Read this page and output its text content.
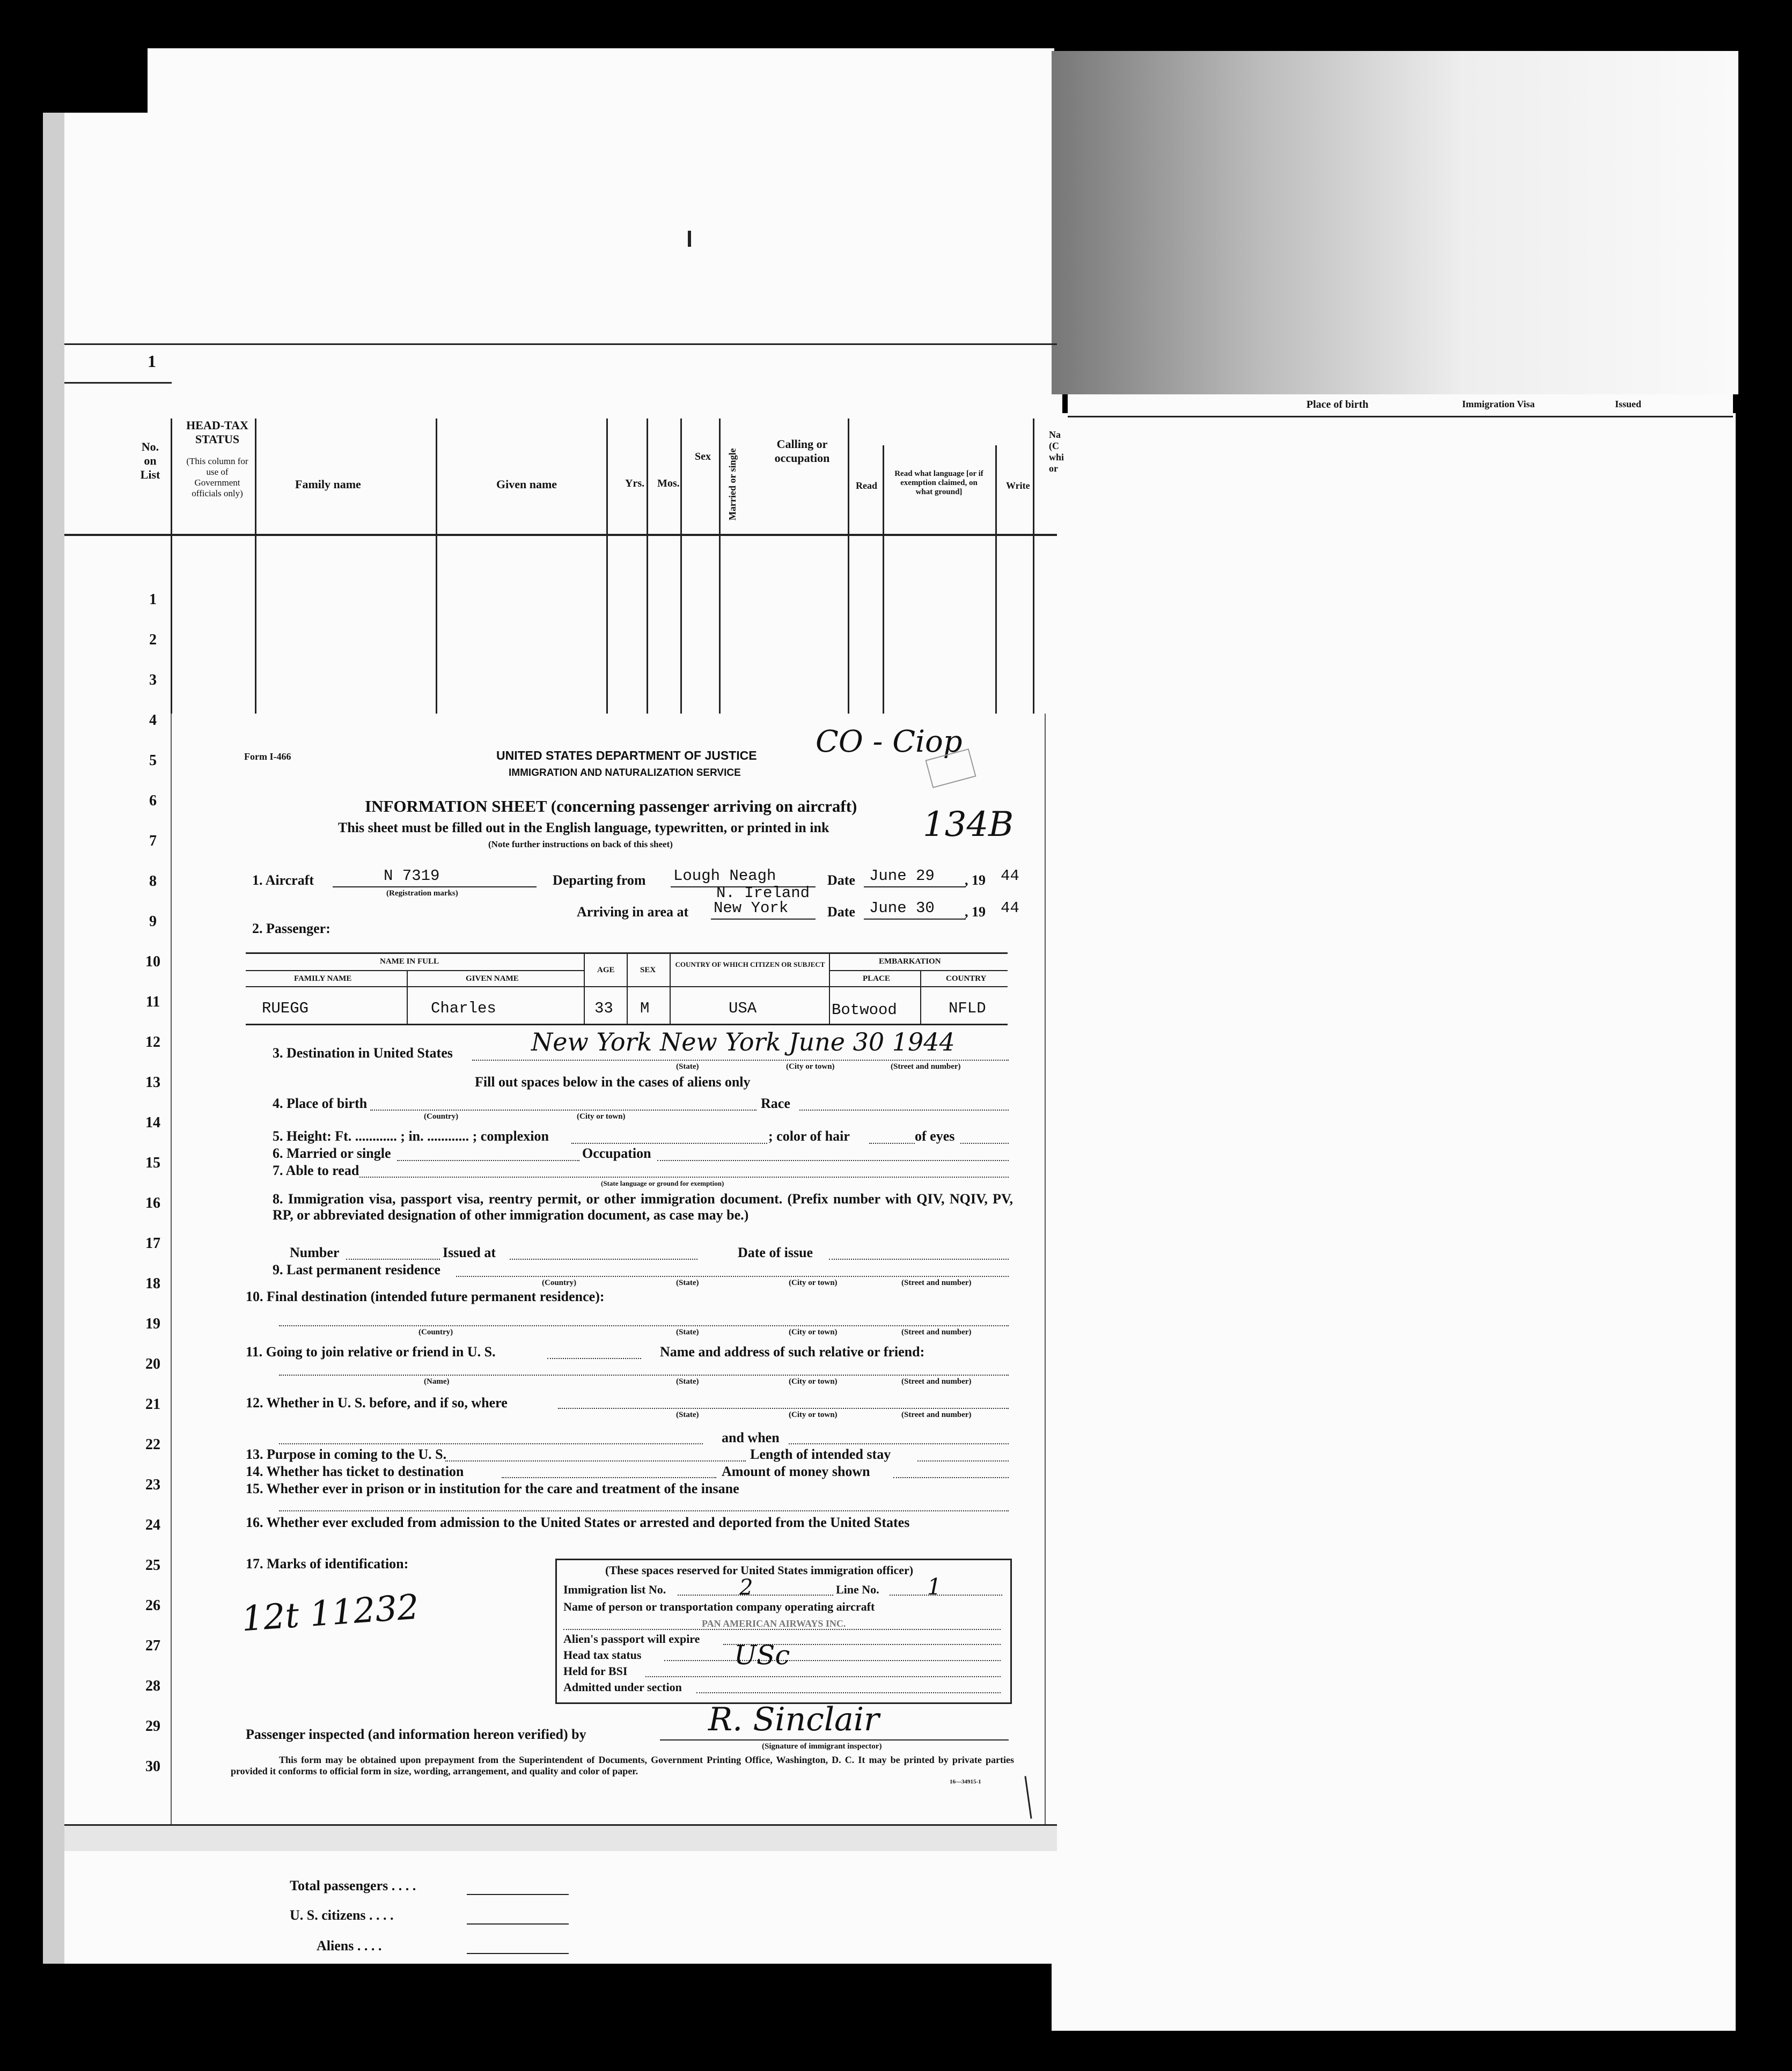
Place of birth	Immigration Visa	Issued
1
No. on List
HEAD-TAX STATUS
(This column for use of Government officials only)
Family name	Given name	Yrs. Mos.
Sex Married or single
Calling or occupation
Read
Read what language [or if exemption claimed, on what ground]
Write
Na (C whi or
1
2
3
4
5
6
7
8
9
10
11
12
13
14
15
16
17
18
19
20
21
22
23
24
25
26
27
28
29
30
Total passengers . . . .
U. S. citizens . . . .
Aliens . . . .
Form I-466	UNITED STATES DEPARTMENT OF JUSTICE
IMMIGRATION AND NATURALIZATION SERVICE
CO - Ciop
INFORMATION SHEET (concerning passenger arriving on aircraft)
This sheet must be filled out in the English language, typewritten, or printed in ink
(Note further instructions on back of this sheet)	134B
1. Aircraft	N 7319
(Registration marks)
Departing from Lough Neagh
N. Ireland
Date June 29 , 19 44
Arriving in area at New York	Date June 30 , 19 44
2. Passenger:
NAME IN FULL
FAMILY NAME	GIVEN NAME
AGE	SEX
COUNTRY OF WHICH CITIZEN OR SUBJECT	EMBARKATION
PLACE	COUNTRY
RUEGG	Charles	33 M	USA	Botwood	NFLD
3. Destination in United States	New York New York June 30 1944
(State)	(City or town)	(Street and number)
Fill out spaces below in the cases of aliens only
4. Place of birth	Race
(Country)	(City or town)
5. Height: Ft. ............ ; in. ............ ; complexion	; color of hair	of eyes
6. Married or single	Occupation
7. Able to read
(State language or ground for exemption)
8. Immigration visa, passport visa, reentry permit, or other immigration document. (Prefix number with QIV, NQIV, PV, RP, or abbreviated designation of other immigration document, as case may be.)
Number	Issued at	Date of issue
9. Last permanent residence
(Country)	(State)	(City or town)	(Street and number)
10. Final destination (intended future permanent residence):
(Country)	(State)	(City or town)	(Street and number)
11. Going to join relative or friend in U. S.	Name and address of such relative or friend:
(Name)	(State)	(City or town)	(Street and number)
12. Whether in U. S. before, and if so, where
(State)	(City or town)	(Street and number)
and when
13. Purpose in coming to the U. S.	Length of intended stay
14. Whether has ticket to destination	Amount of money shown
15. Whether ever in prison or in institution for the care and treatment of the insane
16. Whether ever excluded from admission to the United States or arrested and deported from the United States
17. Marks of identification:
12t 11232
(These spaces reserved for United States immigration officer)
Immigration list No.	2	Line No. 1
Name of person or transportation company operating aircraft
PAN AMERICAN AIRWAYS INC.
Alien's passport will expire
Head tax status	USc
Held for BSI
Admitted under section
Passenger inspected (and information hereon verified) by	R. Sinclair
(Signature of immigrant inspector)
This form may be obtained upon prepayment from the Superintendent of Documents, Government Printing Office, Washington, D. C. It may be printed by private parties provided it conforms to official form in size, wording, arrangement, and quality and color of paper.
16—34915-1
